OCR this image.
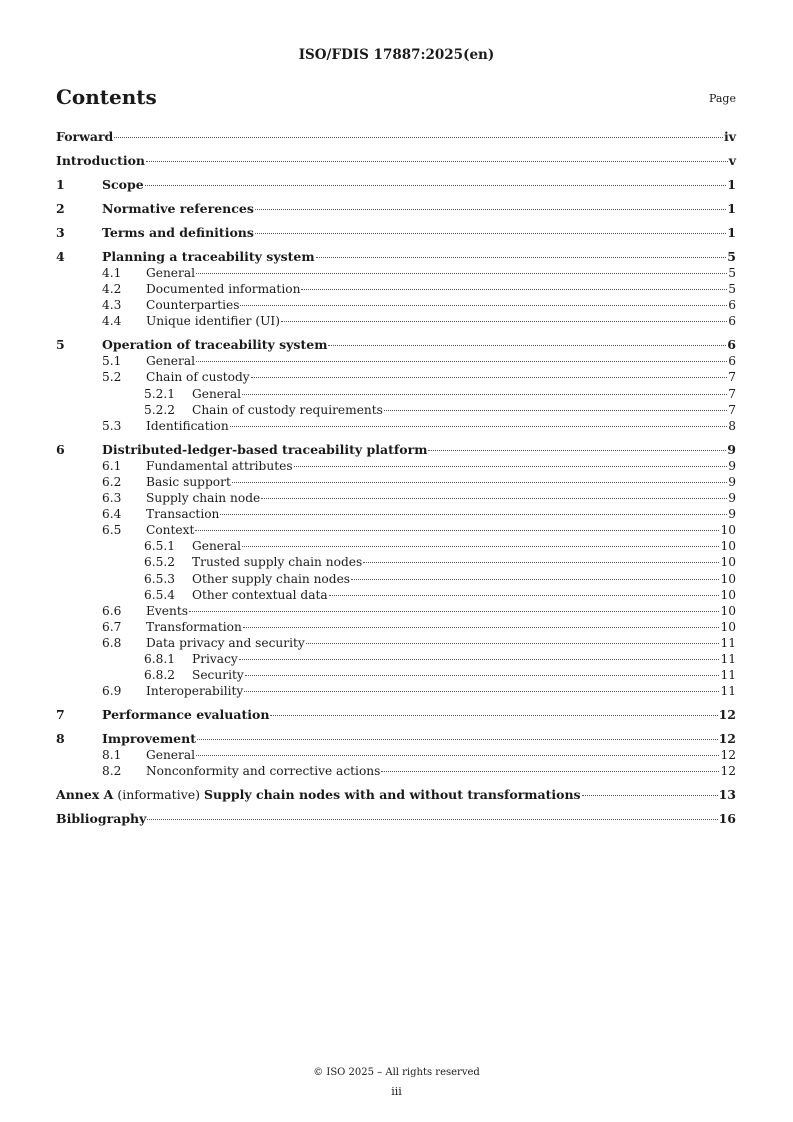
ISO/FDIS 17887:2025(en)
Contents	Page
Forward	iv
Introduction	v
1	Scope	1
2	Normative references	1
3	Terms and definitions	1
4	Planning a traceability system	5
4.1	General	5
4.2	Documented information	5
4.3	Counterparties	6
4.4	Unique identifier (UI)	6
5	Operation of traceability system	6
5.1	General	6
5.2	Chain of custody	7
5.2.1	General	7
5.2.2	Chain of custody requirements	7
5.3	Identification	8
6	Distributed-ledger-based traceability platform	9
6.1	Fundamental attributes	9
6.2	Basic support	9
6.3	Supply chain node	9
6.4	Transaction	9
6.5	Context	10
6.5.1	General	10
6.5.2	Trusted supply chain nodes	10
6.5.3	Other supply chain nodes	10
6.5.4	Other contextual data	10
6.6	Events	10
6.7	Transformation	10
6.8	Data privacy and security	11
6.8.1	Privacy	11
6.8.2	Security	11
6.9	Interoperability	11
7	Performance evaluation	12
8	Improvement	12
8.1	General	12
8.2	Nonconformity and corrective actions	12
Annex A (informative) Supply chain nodes with and without transformations	13
Bibliography	16
© ISO 2025 – All rights reserved
iii
